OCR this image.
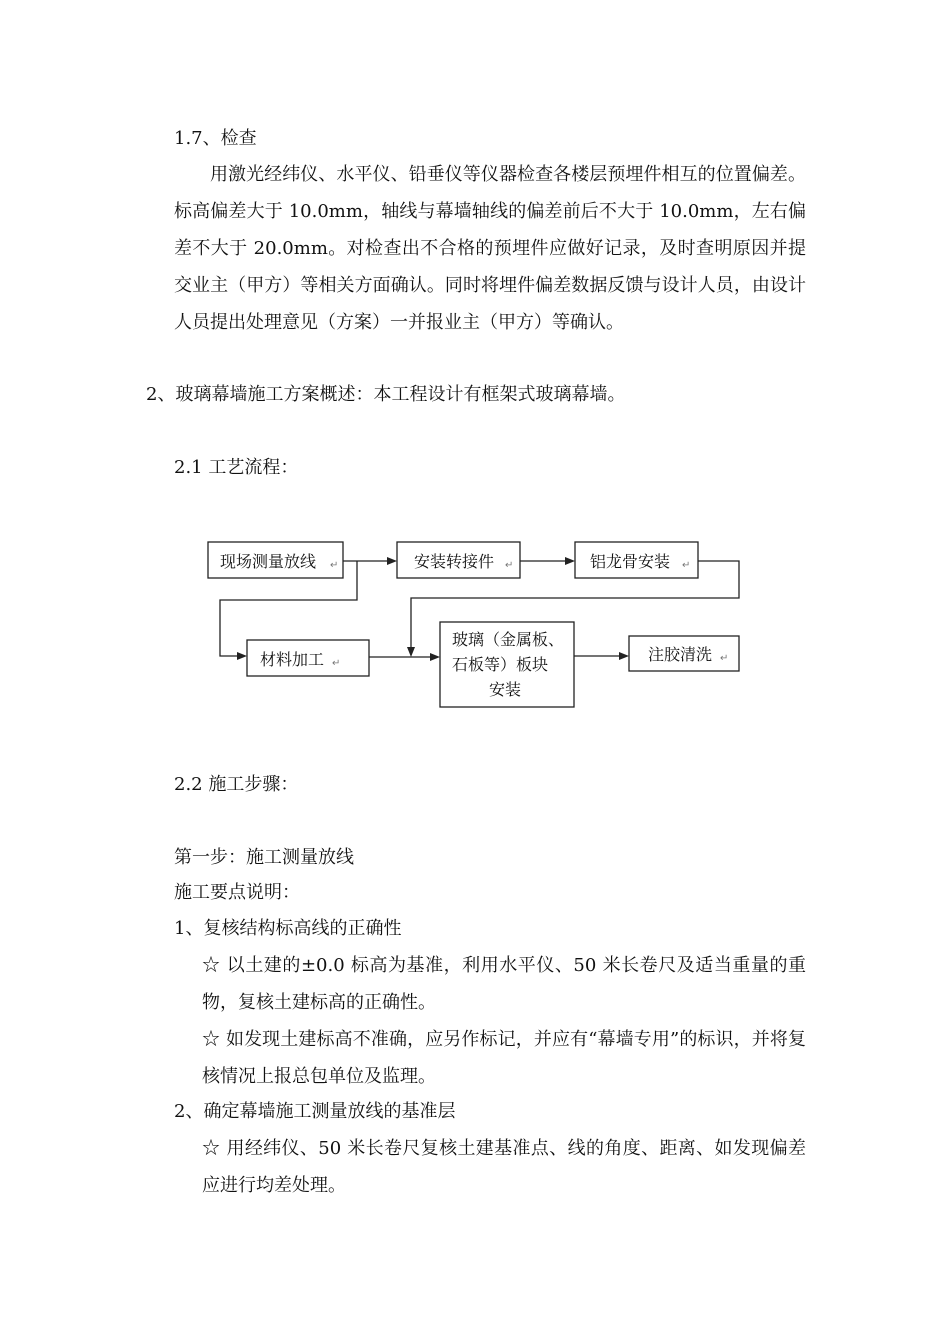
1.7、检查

用激光经纬仪、水平仪、铅垂仪等仪器检查各楼层预埋件相互的位置偏差。标高偏差大于 10.0mm，轴线与幕墙轴线的偏差前后不大于 10.0mm，左右偏差不大于 20.0mm。对检查出不合格的预埋件应做好记录，及时查明原因并提交业主（甲方）等相关方面确认。同时将埋件偏差数据反馈与设计人员，由设计人员提出处理意见（方案）一并报业主（甲方）等确认。

2、玻璃幕墙施工方案概述：本工程设计有框架式玻璃幕墙。
2.1 工艺流程：
现场测量放线 ↵	安装转接件 ↵	铝龙骨安装 ↵
材料加工 ↵
玻璃（金属板、
石板等）板块
安装
注胶清洗 ↵
2.2 施工步骤：
第一步：施工测量放线
施工要点说明：
1、复核结构标高线的正确性

☆ 以土建的±0.0 标高为基准，利用水平仪、50 米长卷尺及适当重量的重物，复核土建标高的正确性。

☆ 如发现土建标高不准确，应另作标记，并应有“幕墙专用”的标识，并将复核情况上报总包单位及监理。

2、确定幕墙施工测量放线的基准层

☆ 用经纬仪、50 米长卷尺复核土建基准点、线的角度、距离、如发现偏差应进行均差处理。
